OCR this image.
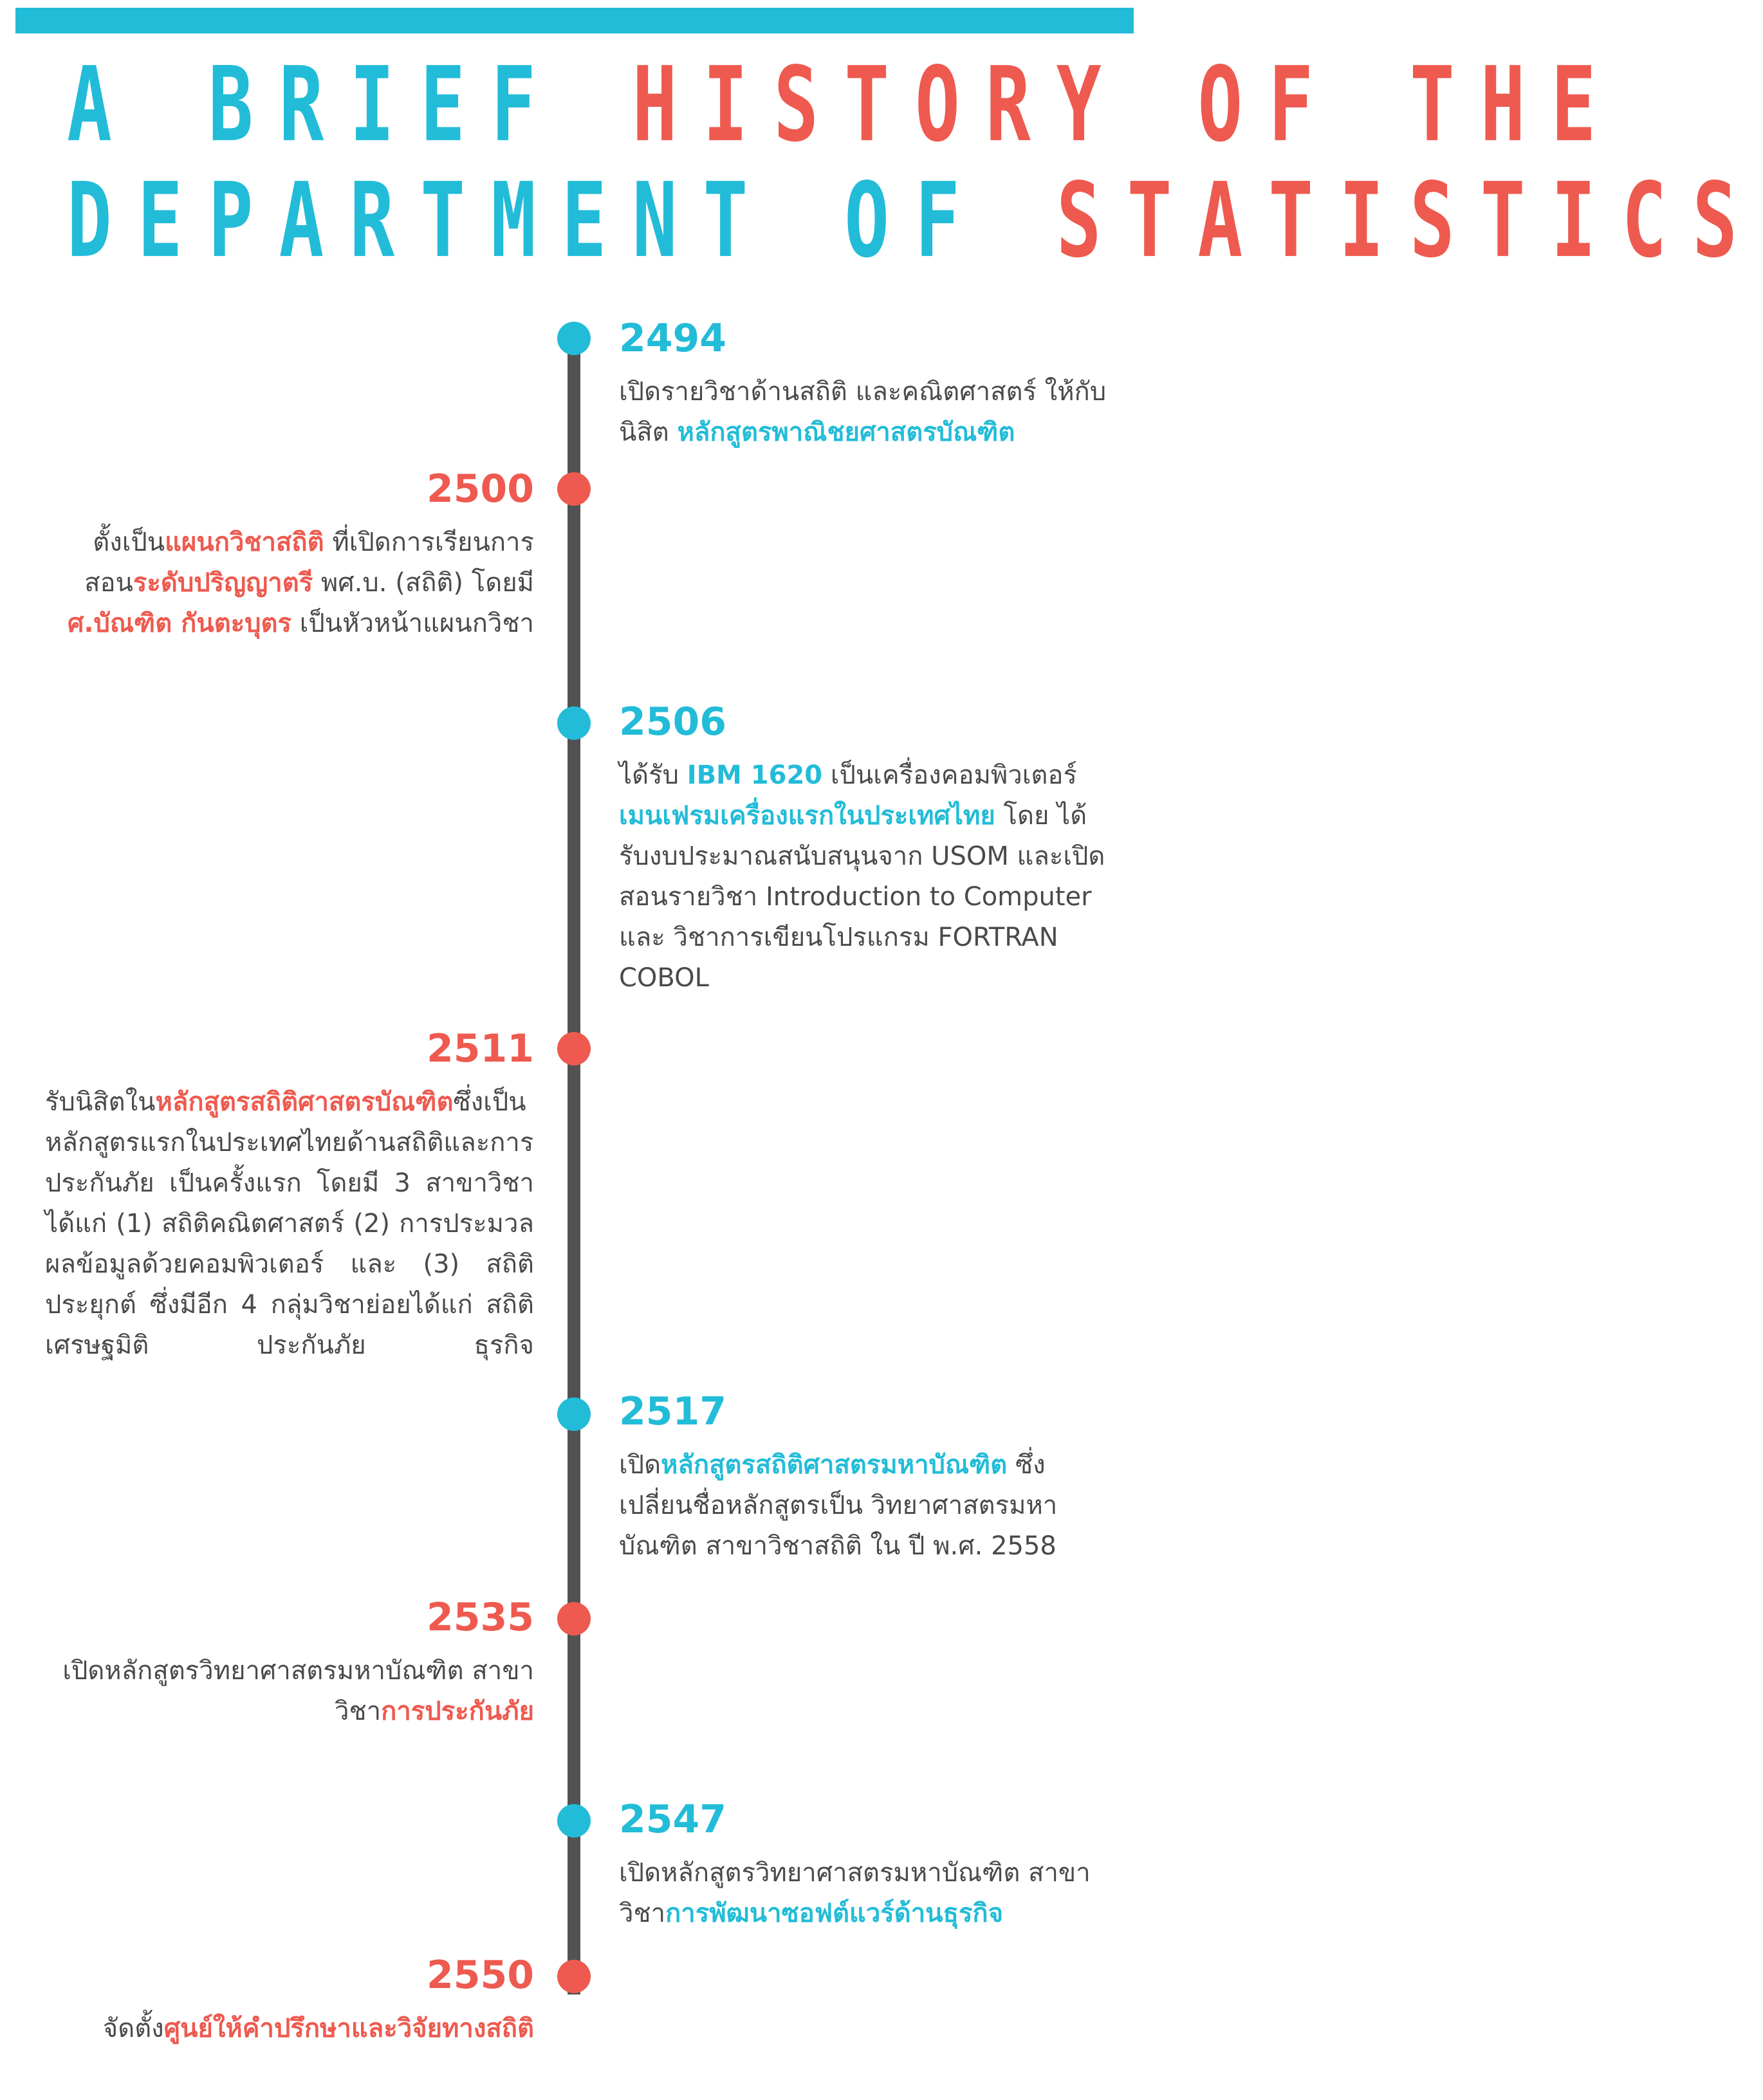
A BRIEF HISTORY OF THE
DEPARTMENT OF STATISTICS
2494

เปิดรายวิชาด้านสถิติ และคณิตศาสตร์ ให้กับนิสิต หลักสูตรพาณิชยศาสตรบัณฑิต

2500

ตั้งเป็นแผนกวิชาสถิติ ที่เปิดการเรียนการสอนระดับปริญญาตรี พศ.บ. (สถิติ) โดยมี ศ.บัณฑิต กันตะบุตร เป็นหัวหน้าแผนกวิชา

2506

ได้รับ IBM 1620 เป็นเครื่องคอมพิวเตอร์ เมนเฟรมเครื่องแรกในประเทศไทย โดย ได้รับงบประมาณสนับสนุนจาก USOM และเปิดสอนรายวิชา Introduction to Computer และ วิชาการเขียนโปรแกรม FORTRAN COBOL

2511

รับนิสิตในหลักสูตรสถิติศาสตรบัณฑิตซึ่งเป็นหลักสูตรแรกในประเทศไทยด้านสถิติและการประกันภัย เป็นครั้งแรก โดยมี 3 สาขาวิชา ได้แก่ (1) สถิติคณิตศาสตร์ (2) การประมวลผลข้อมูลด้วยคอมพิวเตอร์ และ (3) สถิติประยุกต์ ซึ่งมีอีก 4 กลุ่มวิชาย่อยได้แก่ สถิติ เศรษฐมิติ ประกันภัย ธุรกิจ

2517

เปิดหลักสูตรสถิติศาสตรมหาบัณฑิต ซึ่งเปลี่ยนชื่อหลักสูตรเป็น วิทยาศาสตรมหาบัณฑิต สาขาวิชาสถิติ ใน ปี พ.ศ. 2558

2535

เปิดหลักสูตรวิทยาศาสตรมหาบัณฑิต สาขาวิชาการประกันภัย

2547

เปิดหลักสูตรวิทยาศาสตรมหาบัณฑิต สาขาวิชาการพัฒนาซอฟต์แวร์ด้านธุรกิจ

2550

จัดตั้งศูนย์ให้คำปรึกษาและวิจัยทางสถิติ
